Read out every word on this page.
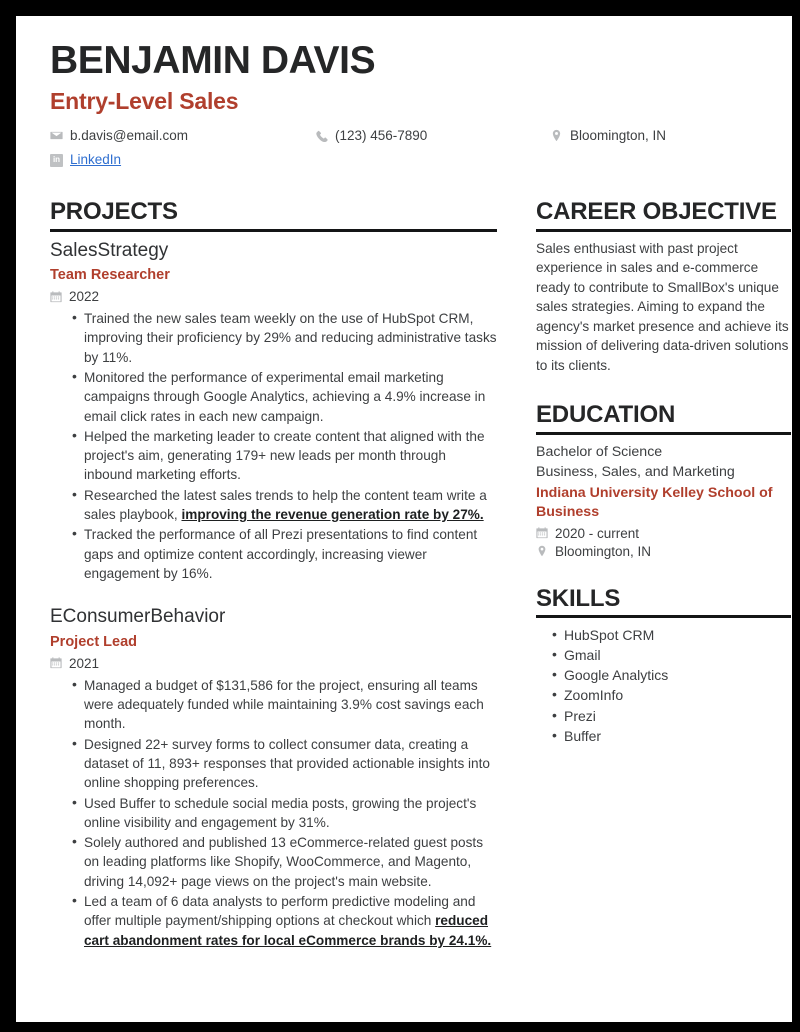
BENJAMIN DAVIS
Entry-Level Sales
b.davis@email.com	(123) 456-7890	Bloomington, IN
in LinkedIn
PROJECTS
SalesStrategy
Team Researcher
2022
• Trained the new sales team weekly on the use of HubSpot CRM, improving their proficiency by 29% and reducing administrative tasks by 11%.
• Monitored the performance of experimental email marketing campaigns through Google Analytics, achieving a 4.9% increase in email click rates in each new campaign.
• Helped the marketing leader to create content that aligned with the project's aim, generating 179+ new leads per month through inbound marketing efforts.
• Researched the latest sales trends to help the content team write a sales playbook, improving the revenue generation rate by 27%.
• Tracked the performance of all Prezi presentations to find content gaps and optimize content accordingly, increasing viewer engagement by 16%.
EConsumerBehavior
Project Lead
2021
• Managed a budget of $131,586 for the project, ensuring all teams were adequately funded while maintaining 3.9% cost savings each month.
• Designed 22+ survey forms to collect consumer data, creating a dataset of 11, 893+ responses that provided actionable insights into online shopping preferences.
• Used Buffer to schedule social media posts, growing the project's online visibility and engagement by 31%.
• Solely authored and published 13 eCommerce-related guest posts on leading platforms like Shopify, WooCommerce, and Magento, driving 14,092+ page views on the project's main website.
• Led a team of 6 data analysts to perform predictive modeling and offer multiple payment/shipping options at checkout which reduced cart abandonment rates for local eCommerce brands by 24.1%.
CAREER OBJECTIVE
Sales enthusiast with past project experience in sales and e-commerce ready to contribute to SmallBox's unique sales strategies. Aiming to expand the agency's market presence and achieve its mission of delivering data-driven solutions to its clients.
EDUCATION
Bachelor of Science
Business, Sales, and Marketing
Indiana University Kelley School of Business
2020 - current
Bloomington, IN
SKILLS
• HubSpot CRM
• Gmail
• Google Analytics
• ZoomInfo
• Prezi
• Buffer
